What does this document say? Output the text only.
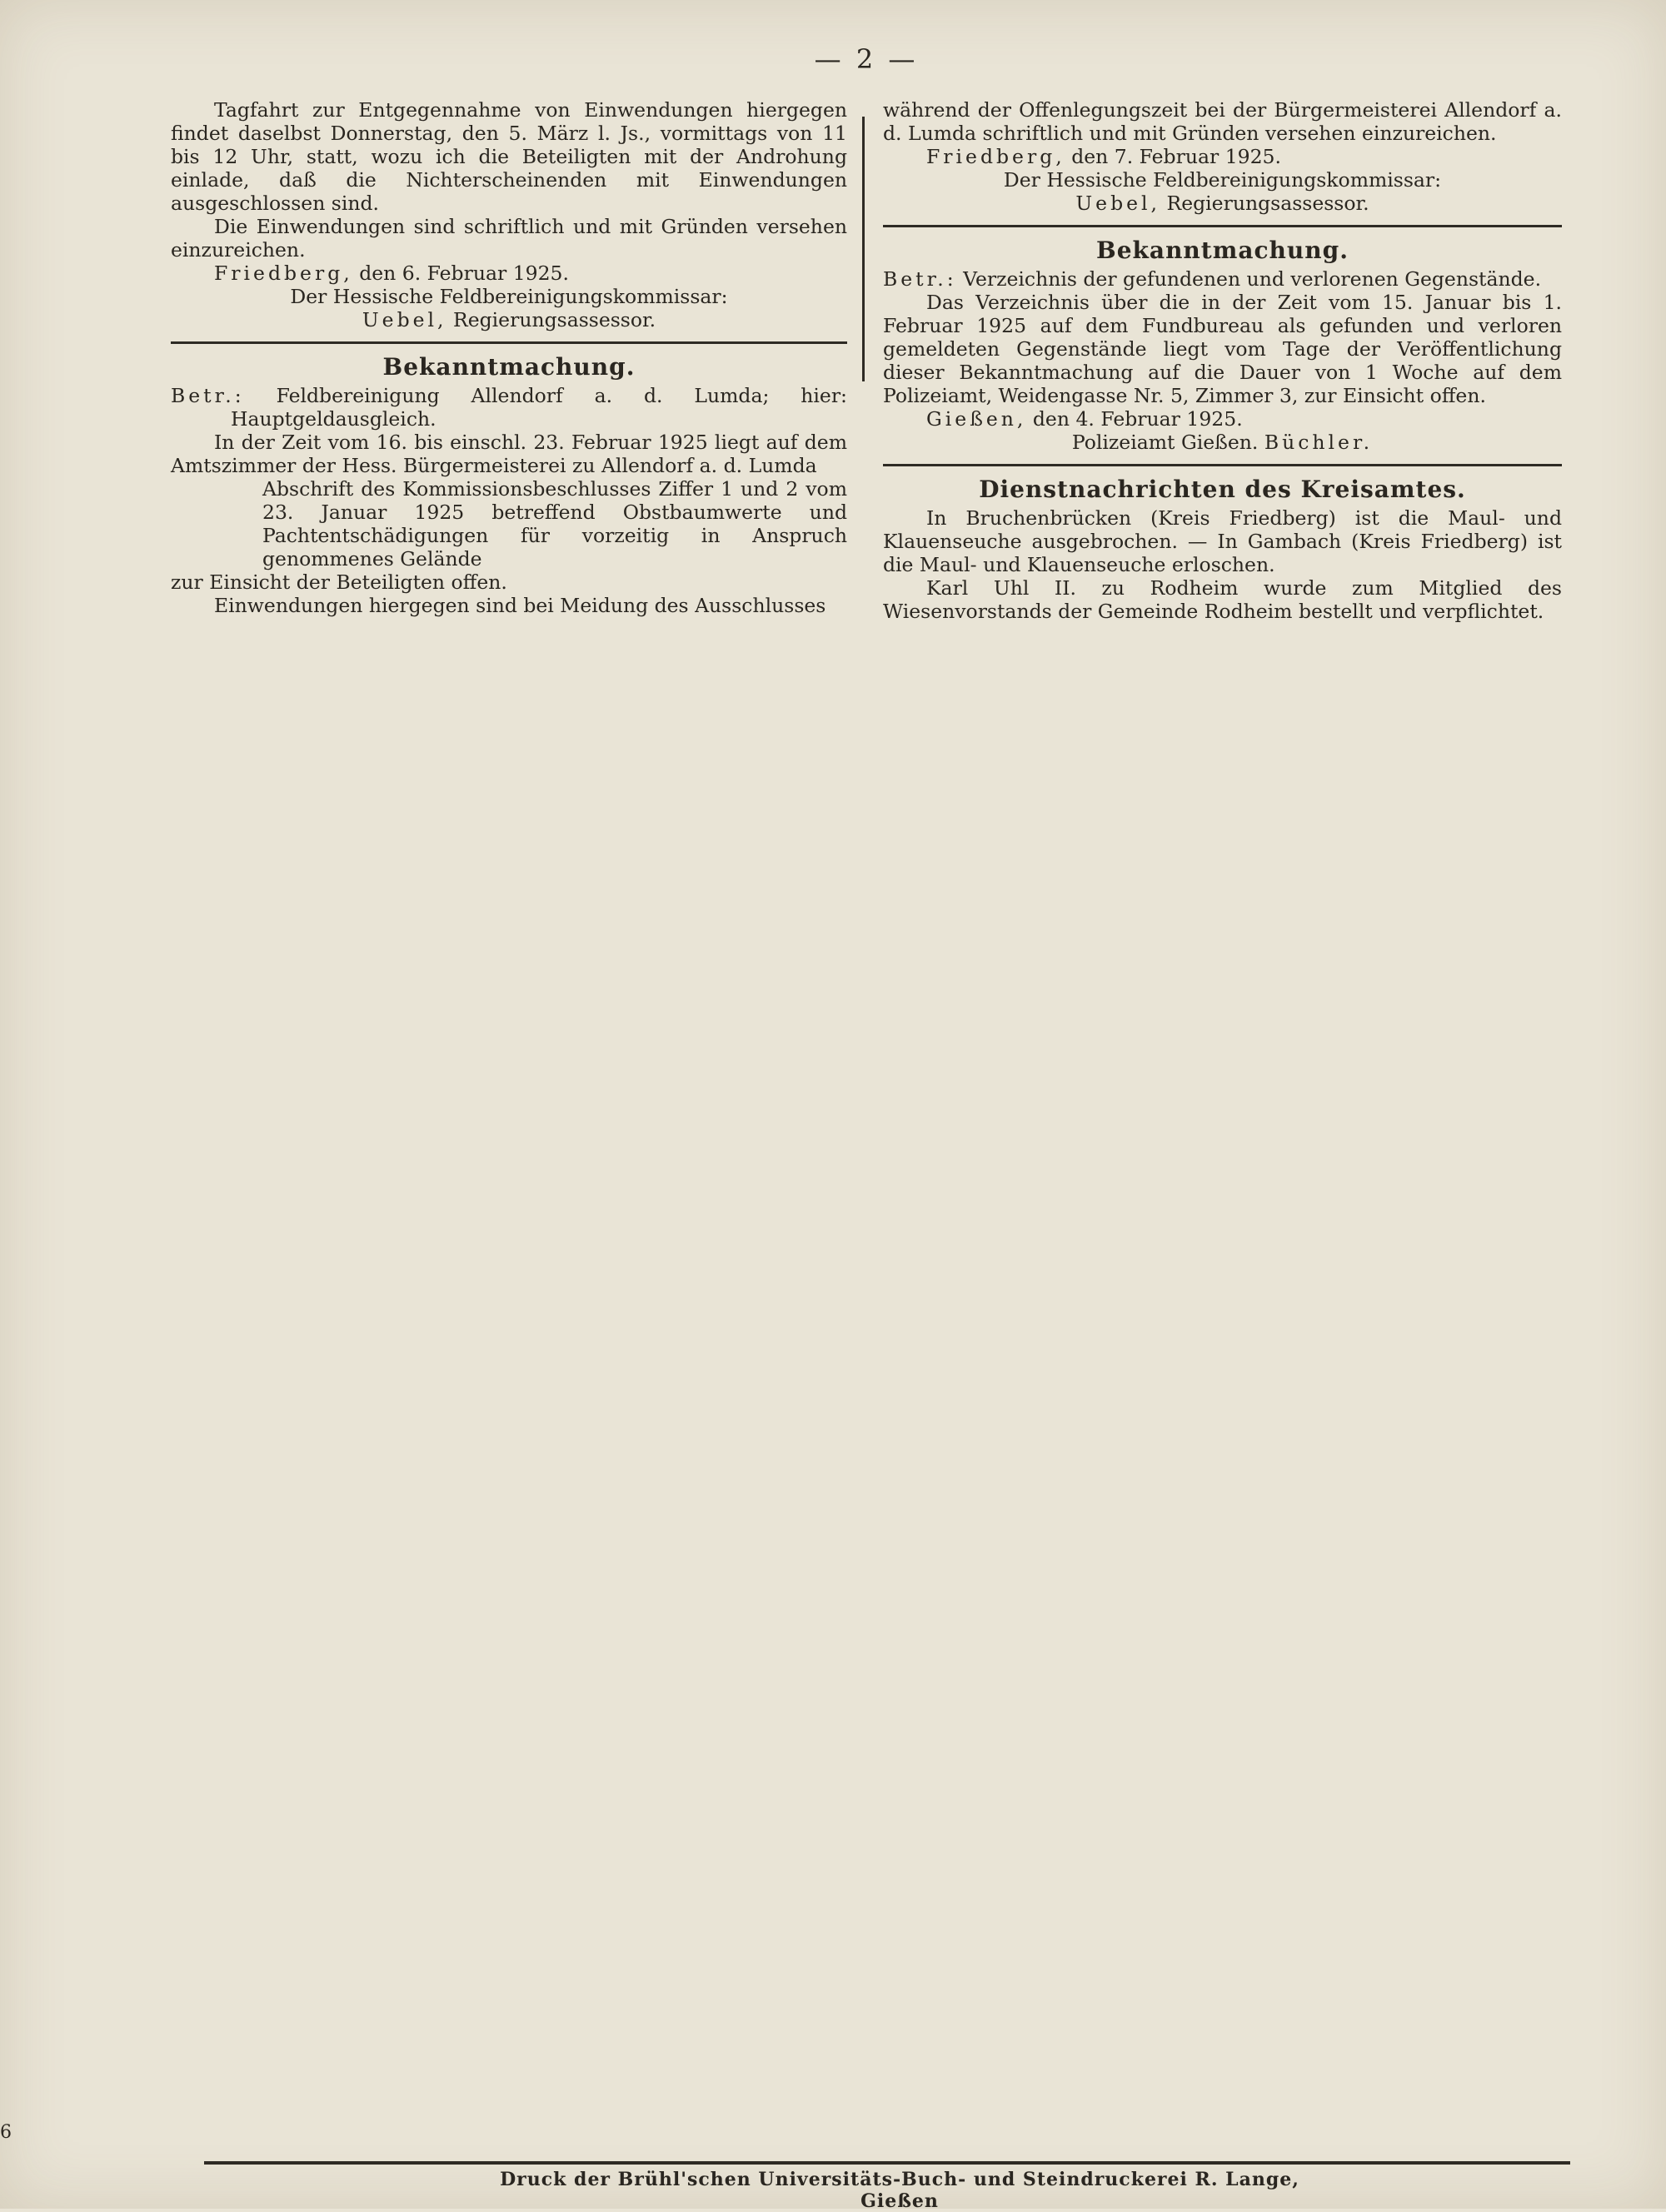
— 2 —

Tagfahrt zur Entgegennahme von Einwendungen hiergegen findet daselbst Donnerstag, den 5. März l. Js., vormittags von 11 bis 12 Uhr, statt, wozu ich die Beteiligten mit der Androhung einlade, daß die Nichterscheinenden mit Einwendungen ausgeschlossen sind.

Die Einwendungen sind schriftlich und mit Gründen versehen einzureichen.

Friedberg, den 6. Februar 1925.

Der Hessische Feldbereinigungskommissar:

Uebel, Regierungsassessor.

Bekanntmachung.

Betr.: Feldbereinigung Allendorf a. d. Lumda; hier: Hauptgeldausgleich.

In der Zeit vom 16. bis einschl. 23. Februar 1925 liegt auf dem Amtszimmer der Hess. Bürgermeisterei zu Allendorf a. d. Lumda

Abschrift des Kommissionsbeschlusses Ziffer 1 und 2 vom 23. Januar 1925 betreffend Obstbaumwerte und Pachtentschädigungen für vorzeitig in Anspruch genommenes Gelände

zur Einsicht der Beteiligten offen.

Einwendungen hiergegen sind bei Meidung des Ausschlusses

während der Offenlegungszeit bei der Bürgermeisterei Allendorf a. d. Lumda schriftlich und mit Gründen versehen einzureichen.

Friedberg, den 7. Februar 1925.

Der Hessische Feldbereinigungskommissar:

Uebel, Regierungsassessor.

Bekanntmachung.

Betr.: Verzeichnis der gefundenen und verlorenen Gegenstände.

Das Verzeichnis über die in der Zeit vom 15. Januar bis 1. Februar 1925 auf dem Fundbureau als gefunden und verloren gemeldeten Gegenstände liegt vom Tage der Veröffentlichung dieser Bekanntmachung auf die Dauer von 1 Woche auf dem Polizeiamt, Weidengasse Nr. 5, Zimmer 3, zur Einsicht offen.

Gießen, den 4. Februar 1925.

Polizeiamt Gießen. Büchler.

Dienstnachrichten des Kreisamtes.

In Bruchenbrücken (Kreis Friedberg) ist die Maul- und Klauenseuche ausgebrochen. — In Gambach (Kreis Friedberg) ist die Maul- und Klauenseuche erloschen.

Karl Uhl II. zu Rodheim wurde zum Mitglied des Wiesenvorstands der Gemeinde Rodheim bestellt und verpflichtet.

6
Druck der Brühl'schen Universitäts-Buch- und Steindruckerei R. Lange, Gießen
